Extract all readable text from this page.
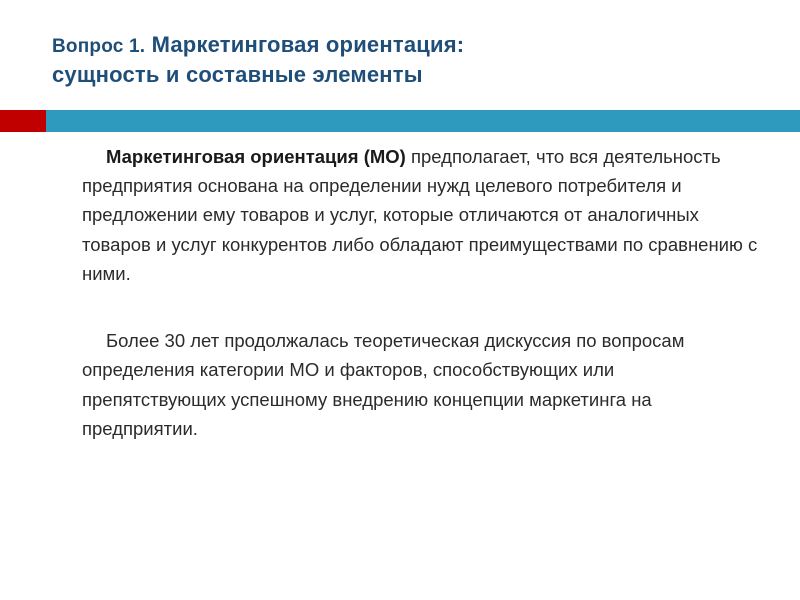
Вопрос 1. Маркетинговая ориентация:
сущность и составные элементы

Маркетинговая ориентация (МО) предполагает, что вся деятельность предприятия основана на определении нужд целевого потребителя и предложении ему товаров и услуг, которые отличаются от аналогичных товаров и услуг конкурентов либо обладают преимуществами по сравнению с ними.

Более 30 лет продолжалась теоретическая дискуссия по вопросам определения категории МО и факторов, способствующих или препятствующих успешному внедрению концепции маркетинга на предприятии.
